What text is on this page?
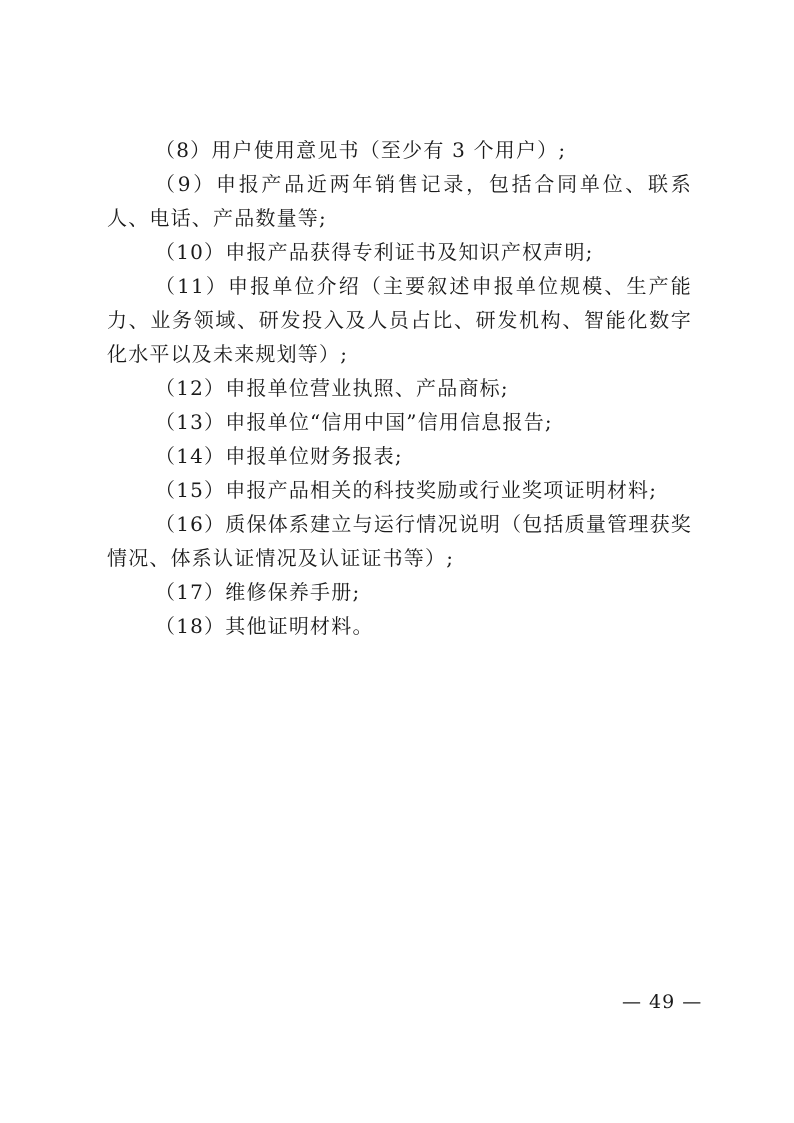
（8）用户使用意见书（至少有 3 个用户）;

（9）申报产品近两年销售记录，包括合同单位、联系人、电话、产品数量等;

（10）申报产品获得专利证书及知识产权声明;

（11）申报单位介绍（主要叙述申报单位规模、生产能力、业务领域、研发投入及人员占比、研发机构、智能化数字化水平以及未来规划等）;

（12）申报单位营业执照、产品商标;

（13）申报单位“信用中国”信用信息报告;

（14）申报单位财务报表;

（15）申报产品相关的科技奖励或行业奖项证明材料;

（16）质保体系建立与运行情况说明（包括质量管理获奖情况、体系认证情况及认证证书等）;

（17）维修保养手册;

（18）其他证明材料。

— 49 —
